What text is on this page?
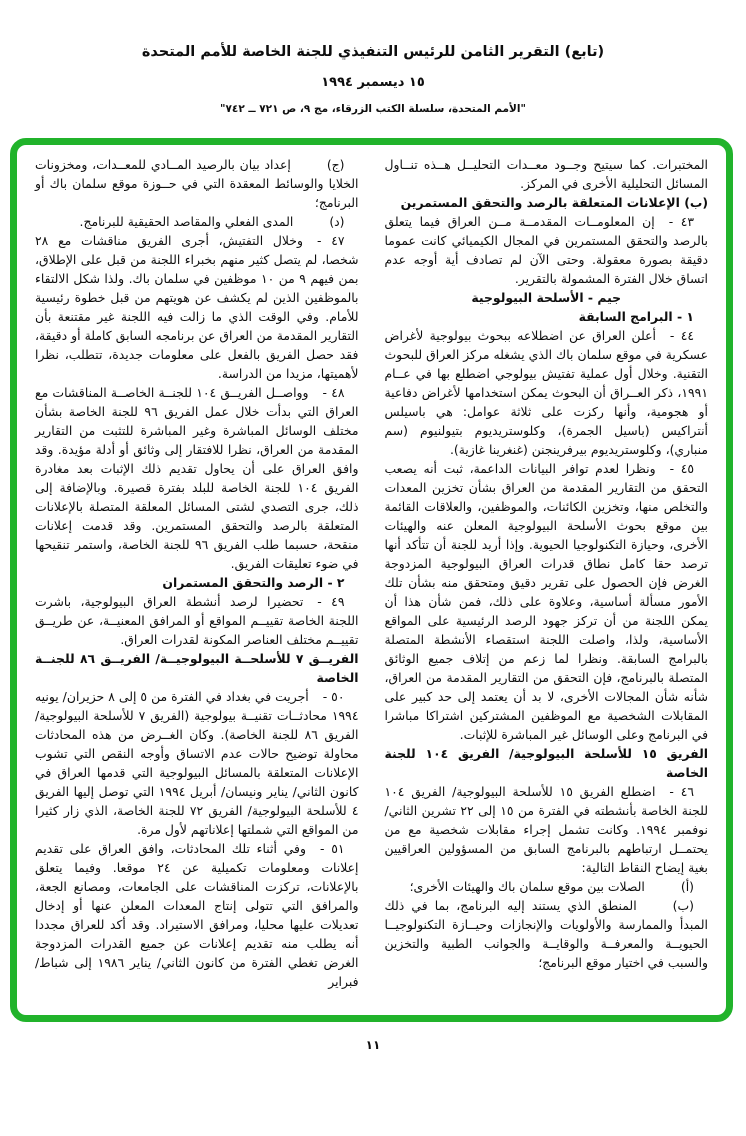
(تابع) التقرير الثامن للرئيس التنفيذي للجنة الخاصة للأمم المتحدة
١٥ ديسمبر ١٩٩٤
"الأمم المتحدة، سلسلة الكتب الزرقاء، مج ٩، ص ٧٢١ ــ ٧٤٢"

المختبرات. كما سيتيح وجــود معــدات التحليــل هــذه تنــاول المسائل التحليلية الأخرى في المركز.

(ب) الإعلانات المتعلقة بالرصد والتحقق المستمرين

٤٣ -إن المعلومــات المقدمــة مــن العراق فيما يتعلق بالرصد والتحقق المستمرين في المجال الكيميائي كانت عموما دقيقة بصورة معقولة. وحتى الآن لم تصادف أية أوجه عدم اتساق خلال الفترة المشمولة بالتقرير.

جيم - الأسلحة البيولوجية

١ - البرامج السابقة

٤٤ -أعلن العراق عن اضطلاعه ببحوث بيولوجية لأغراض عسكرية في موقع سلمان باك الذي يشغله مركز العراق للبحوث التقنية. وخلال أول عملية تفتيش بيولوجي اضطلع بها في عــام ١٩٩١، ذكر العــراق أن البحوث يمكن استخدامها لأغراض دفاعية أو هجومية، وأنها ركزت على ثلاثة عوامل: هي باسيلس أنتراكيس (باسيل الجمرة)، وكلوستريديوم بتيولنيوم (سم منباري)، وكلوستريديوم بيرفرينجنن (غنغرينا غازية).

٤٥ -ونظرا لعدم توافر البيانات الداعمة، ثبت أنه يصعب التحقق من التقارير المقدمة من العراق بشأن تخزين المعدات والتخلص منها، وتخزين الكائنات، والموظفين، والعلاقات القائمة بين موقع بحوث الأسلحة البيولوجية المعلن عنه والهيئات الأخرى، وحيازة التكنولوجيا الحيوية. وإذا أريد للجنة أن تتأكد أنها ترصد حقا كامل نطاق قدرات العراق البيولوجية المزدوجة الغرض فإن الحصول على تقرير دقيق ومتحقق منه بشأن تلك الأمور مسألة أساسية، وعلاوة على ذلك، فمن شأن هذا أن يمكن اللجنة من أن تركز جهود الرصد الرئيسية على المواقع الأساسية، ولذا، واصلت اللجنة استقصاء الأنشطة المتصلة بالبرامج السابقة. ونظرا لما زعم من إتلاف جميع الوثائق المتصلة بالبرنامج، فإن التحقق من التقارير المقدمة من العراق، شأنه شأن المجالات الأخرى، لا بد أن يعتمد إلى حد كبير على المقابلات الشخصية مع الموظفين المشتركين اشتراكا مباشرا في البرنامج وعلى الوسائل غير المباشرة للإثبات.

الفريق ١٥ للأسلحة البيولوجية/ الفريق ١٠٤ للجنة الخاصة

٤٦ -اضطلع الفريق ١٥ للأسلحة البيولوجية/ الفريق ١٠٤ للجنة الخاصة بأنشطته في الفترة من ١٥ إلى ٢٢ تشرين الثاني/ نوفمبر ١٩٩٤. وكانت تشمل إجراء مقابلات شخصية مع من يحتمــل ارتباطهم بالبرنامج السابق من المسؤولين العراقيين بغية إيضاح النقاط التالية:

(أ)الصلات بين موقع سلمان باك والهيئات الأخرى؛

(ب)المنطق الذي يستند إليه البرنامج، بما في ذلك المبدأ والممارسة والأولويات والإنجازات وحيــازة التكنولوجيــا الحيويــة والمعرفــة والوقايــة والجوانب الطبية والتخزين والسبب في اختيار موقع البرنامج؛

(ج)إعداد بيان بالرصيد المــادي للمعــدات، ومخزونات الخلايا والوسائط المعقدة التي في حــوزة موقع سلمان باك أو البرنامج؛

(د)المدى الفعلي والمقاصد الحقيقية للبرنامج.

٤٧ -وخلال التفتيش، أجرى الفريق مناقشات مع ٢٨ شخصا، لم يتصل كثير منهم بخبراء اللجنة من قبل على الإطلاق، بمن فيهم ٩ من ١٠ موظفين في سلمان باك. ولذا شكل الالتقاء بالموظفين الذين لم يكشف عن هويتهم من قبل خطوة رئيسية للأمام. وفي الوقت الذي ما زالت فيه اللجنة غير مقتنعة بأن التقارير المقدمة من العراق عن برنامجه السابق كاملة أو دقيقة، فقد حصل الفريق بالفعل على معلومات جديدة، تتطلب، نظرا لأهميتها، مزيدا من الدراسة.

٤٨ -وواصــل الفريــق ١٠٤ للجنــة الخاصــة المناقشات مع العراق التي بدأت خلال عمل الفريق ٩٦ للجنة الخاصة بشأن مختلف الوسائل المباشرة وغير المباشرة للتثبت من التقارير المقدمة من العراق، نظرا للافتقار إلى وثائق أو أدلة مؤيدة. وقد وافق العراق على أن يحاول تقديم ذلك الإثبات بعد مغادرة الفريق ١٠٤ للجنة الخاصة للبلد بفترة قصيرة. وبالإضافة إلى ذلك، جرى التصدي لشتى المسائل المعلقة المتصلة بالإعلانات المتعلقة بالرصد والتحقق المستمرين. وقد قدمت إعلانات منقحة، حسبما طلب الفريق ٩٦ للجنة الخاصة، واستمر تنقيحها في ضوء تعليقات الفريق.

٢ - الرصد والتحقق المستمران

٤٩ -تحضيرا لرصد أنشطة العراق البيولوجية، باشرت اللجنة الخاصة تقييــم المواقع أو المرافق المعنيــة، عن طريــق تقييــم مختلف العناصر المكونة لقدرات العراق.

الفريــق ٧ للأسلحــة البيولوجيــة/ الفريــق ٨٦ للجنــة الخاصة

٥٠ -أجريت في بغداد في الفترة من ٥ إلى ٨ حزيران/ يونيه ١٩٩٤ محادثــات تقنيــة بيولوجية (الفريق ٧ للأسلحة البيولوجية/ الفريق ٨٦ للجنة الخاصة). وكان الغــرض من هذه المحادثات محاولة توضيح حالات عدم الاتساق وأوجه النقص التي تشوب الإعلانات المتعلقة بالمسائل البيولوجية التي قدمها العراق في كانون الثاني/ يناير ونيسان/ أبريل ١٩٩٤ التي توصل إليها الفريق ٤ للأسلحة البيولوجية/ الفريق ٧٢ للجنة الخاصة، الذي زار كثيرا من المواقع التي شملتها إعلاناتهم لأول مرة.

٥١ -وفي أثناء تلك المحادثات، وافق العراق على تقديم إعلانات ومعلومات تكميلية عن ٢٤ موقعا. وفيما يتعلق بالإعلانات، تركزت المناقشات على الجامعات، ومصانع الجعة، والمرافق التي تتولى إنتاج المعدات المعلن عنها أو إدخال تعديلات عليها محليا، ومرافق الاستيراد. وقد أكد للعراق مجددا أنه يطلب منه تقديم إعلانات عن جميع القدرات المزدوجة الغرض تغطي الفترة من كانون الثاني/ يناير ١٩٨٦ إلى شباط/ فبراير

١١
